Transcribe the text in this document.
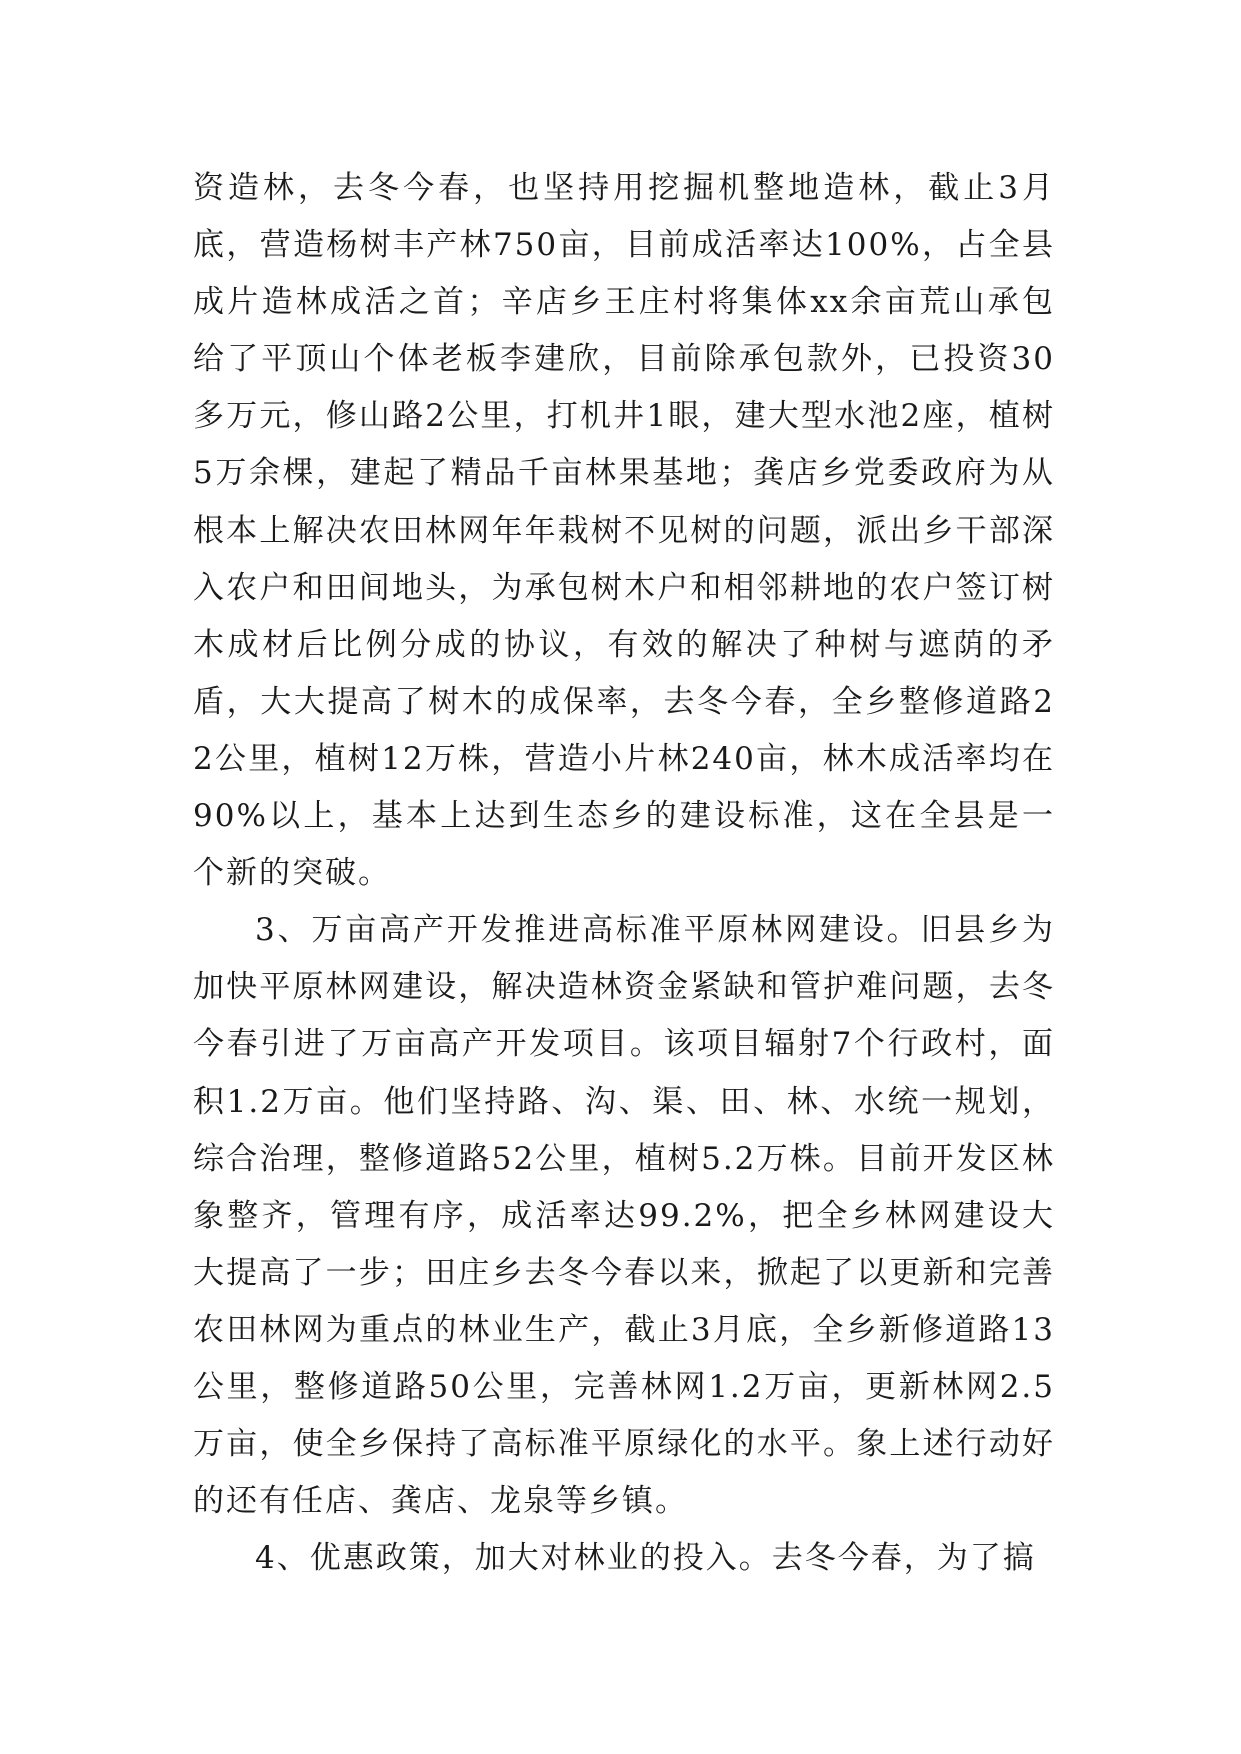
资造林，去冬今春，也坚持用挖掘机整地造林，截止3月底，营造杨树丰产林750亩，目前成活率达100%，占全县成片造林成活之首；辛店乡王庄村将集体xx余亩荒山承包给了平顶山个体老板李建欣，目前除承包款外，已投资30多万元，修山路2公里，打机井1眼，建大型水池2座，植树5万余棵，建起了精品千亩林果基地；龚店乡党委政府为从根本上解决农田林网年年栽树不见树的问题，派出乡干部深入农户和田间地头，为承包树木户和相邻耕地的农户签订树木成材后比例分成的协议，有效的解决了种树与遮荫的矛盾，大大提高了树木的成保率，去冬今春，全乡整修道路22公里，植树12万株，营造小片林240亩，林木成活率均在90%以上，基本上达到生态乡的建设标准，这在全县是一个新的突破。

3、万亩高产开发推进高标准平原林网建设。旧县乡为加快平原林网建设，解决造林资金紧缺和管护难问题，去冬今春引进了万亩高产开发项目。该项目辐射7个行政村，面积1.2万亩。他们坚持路、沟、渠、田、林、水统一规划，综合治理，整修道路52公里，植树5.2万株。目前开发区林象整齐，管理有序，成活率达99.2%，把全乡林网建设大大提高了一步；田庄乡去冬今春以来，掀起了以更新和完善农田林网为重点的林业生产，截止3月底，全乡新修道路13公里，整修道路50公里，完善林网1.2万亩，更新林网2.5万亩，使全乡保持了高标准平原绿化的水平。象上述行动好的还有任店、龚店、龙泉等乡镇。

4、优惠政策，加大对林业的投入。去冬今春，为了搞
